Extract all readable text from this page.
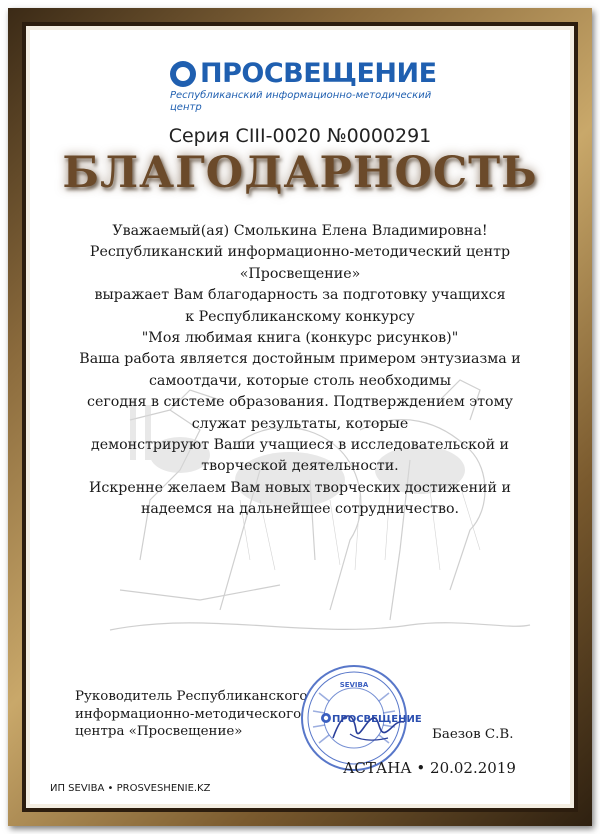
ПРОСВЕЩЕНИЕ
Республиканский информационно-методический центр
Серия СIII-0020 №0000291
БЛАГОДАРНОСТЬ
Уважаемый(ая) Смолькина Елена Владимировна!
Республиканский информационно-методический центр
«Просвещение»
выражает Вам благодарность за подготовку учащихся
к Республиканскому конкурсу
"Моя любимая книга (конкурс рисунков)"
Ваша работа является достойным примером энтузиазма и
самоотдачи, которые столь необходимы
сегодня в системе образования. Подтверждением этому
служат результаты, которые
демонстрируют Ваши учащиеся в исследовательской и
творческой деятельности.
Искренне желаем Вам новых творческих достижений и
надеемся на дальнейшее сотрудничество.
Руководитель Республиканского
информационно-методического
центра «Просвещение»
SEVIBA
ПРОСВЕЩЕНИЕ
Баезов С.В.
АСТАНА • 20.02.2019
ИП SEVIBA • PROSVESHENIE.KZ
